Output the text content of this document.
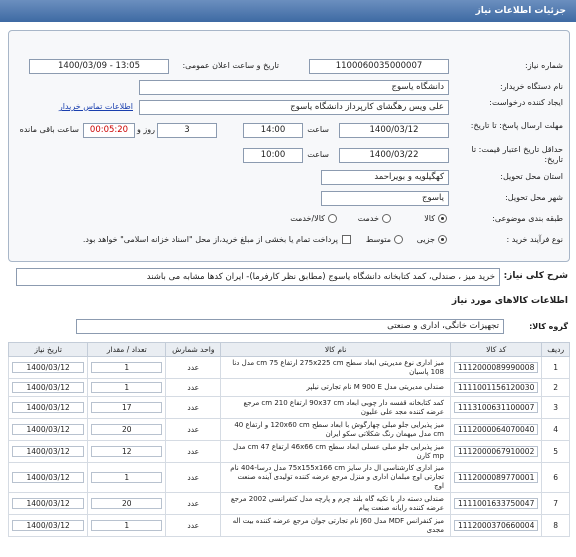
جزئیات اطلاعات نیاز
شماره نیاز:
1100060035000007
تاریخ و ساعت اعلان عمومی:
1400/03/09 - 13:05
نام دستگاه خریدار:
دانشگاه یاسوج
ایجاد کننده درخواست:
علی ویس رهگشای کارپرداز دانشگاه یاسوج
اطلاعات تماس خریدار
مهلت ارسال پاسخ: تا تاریخ:
1400/03/12
ساعت
14:00
3
روز و
00:05:20
ساعت باقی مانده
حداقل تاریخ اعتبار قیمت: تا تاریخ:
1400/03/22
ساعت
10:00
استان محل تحویل:
کهگیلویه و بویراحمد
شهر محل تحویل:
یاسوج
طبقه بندی موضوعی:
کالا
خدمت
کالا/خدمت
نوع فرآیند خرید :
جزیی
متوسط
پرداخت تمام یا بخشی از مبلغ خرید،از محل "اسناد خزانه اسلامی" خواهد بود.
شرح کلی نیاز:
خرید میز ، صندلی، کمد کتابخانه دانشگاه یاسوج (مطابق نظر کارفرما)- ایران کدها مشابه می باشند
اطلاعات کالاهای مورد نیاز
گروه کالا:
تجهیزات خانگی، اداری و صنعتی
ردیف	کد کالا	نام کالا	واحد شمارش	تعداد / مقدار	تاریخ نیاز

1	1112000089990008	میز اداری نوع مدیریتی ابعاد سطح 275x225 cm ارتفاع 75 cm مدل دنا 108 پاسیان	عدد	1	1400/03/12

2	1111001156120030	صندلی مدیریتی مدل M 900 E نام تجارتی نیلپر	عدد	1	1400/03/12

3	1113100631100007	کمد کتابخانه قفسه دار چوبی ابعاد 90x37 cm ارتفاع 210 cm مرجع عرضه کننده مجد علی علیون	عدد	17	1400/03/12

4	1112000064070040	میز پذیرایی جلو مبلی چهارگوش با ابعاد سطح 120x60 cm و ارتفاع 40 cm مدل میهمان رنگ شکلاتی سکو ایران	عدد	20	1400/03/12

5	1112000067910002	میز پذیرایی جلو مبلی عسلی ابعاد سطح 46x66 cm ارتفاع 47 cm مدل mp کارن	عدد	12	1400/03/12

6	1112000089770001	میز اداری کارشناسی ال دار سایز 75x155x166 cm مدل درسا-404 نام تجارتی اوج مبلمان اداری و منزل مرجع عرضه کننده تولیدی آینده صنعت اوج	عدد	1	1400/03/12

7	1111001633750047	صندلی دسته دار با تکیه گاه بلند چرم و پارچه مدل کنفرانسی 2002 مرجع عرضه کننده رایانه صنعت پیام	عدد	20	1400/03/12

8	1112000370660004	میز کنفرانس MDF مدل J60 نام تجارتی جوان مرجع عرضه کننده بیت اله مجدی	عدد	1	1400/03/12
